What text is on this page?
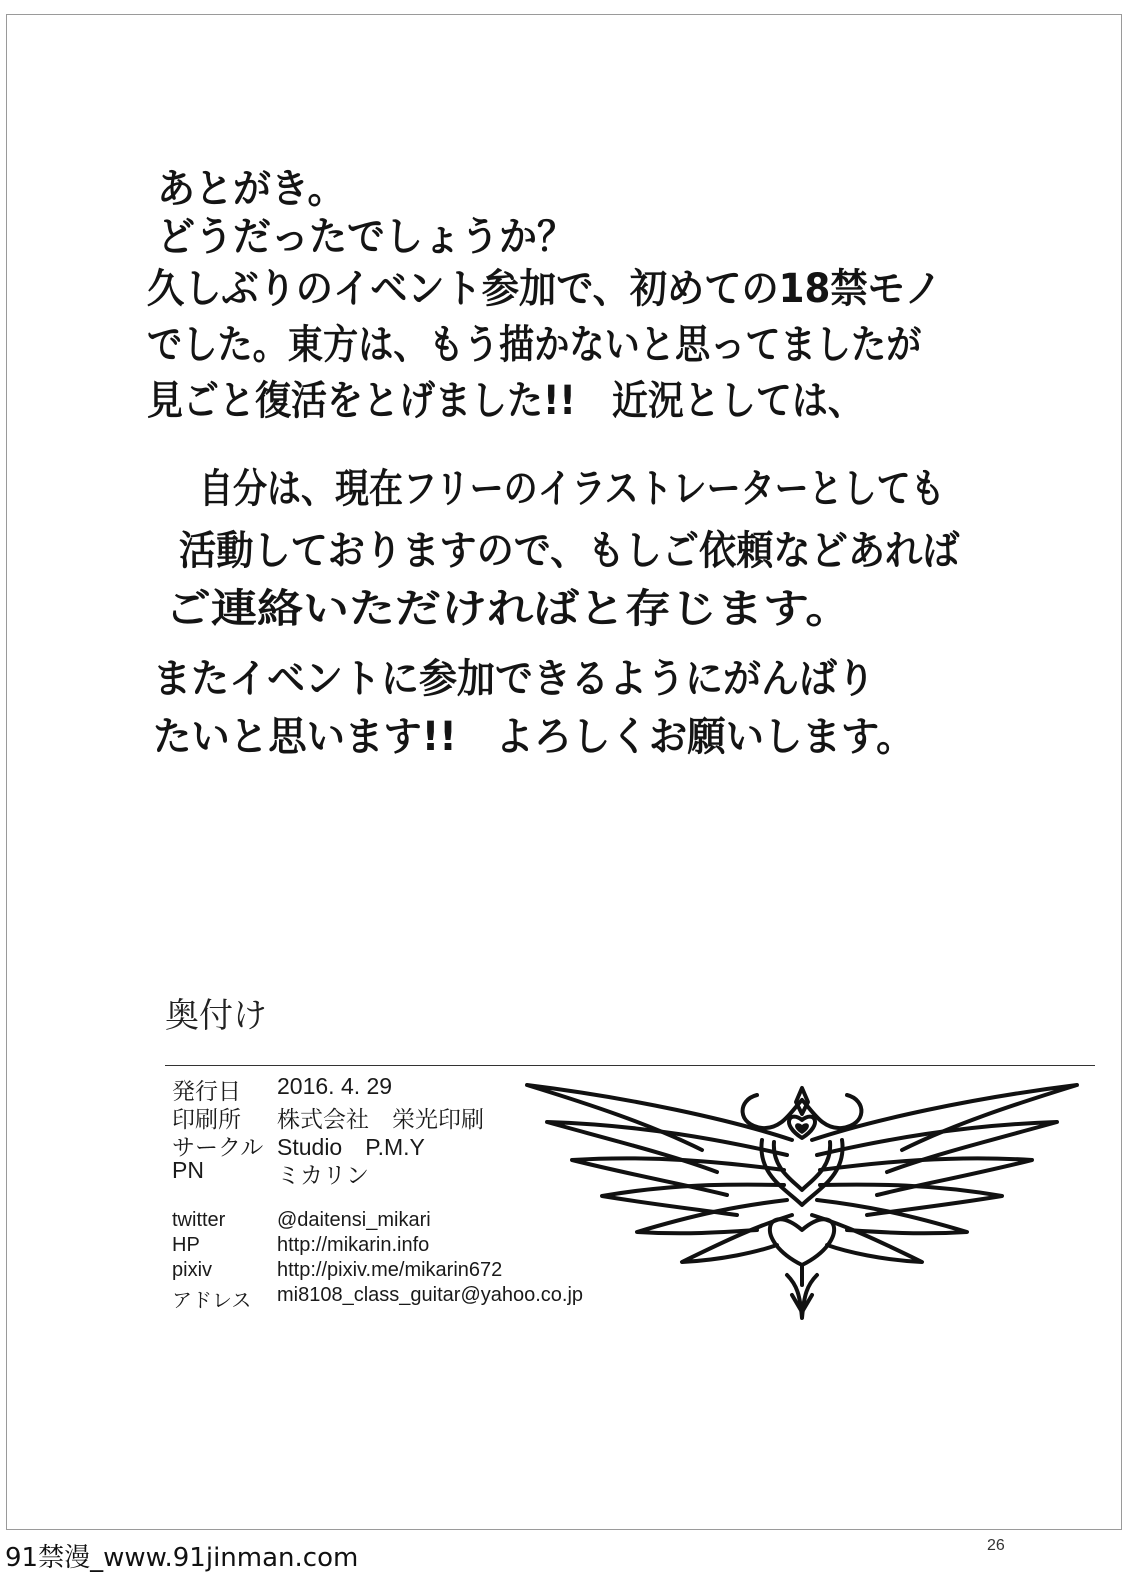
あとがき。

どうだったでしょうか？

久しぶりのイベント参加で、初めての18禁モノ

でした。東方は、もう描かないと思ってましたが

見ごと復活をとげました!!　近況としては、

自分は、現在フリーのイラストレーターとしても

活動しておりますので、もしご依頼などあれば

ご連絡いただければと存じます。

またイベントに参加できるようにがんばり

たいと思います!!　よろしくお願いします。

奥付け
発行日 2016. 4. 29
印刷所 株式会社　栄光印刷
サークル Studio　P.M.Y
PN	ミカリン
twitter	@daitensi_mikari
HP	http://mikarin.info
pixiv	http://pixiv.me/mikarin672
アドレス mi8108_class_guitar@yahoo.co.jp

26

91禁漫_www.91jinman.com
